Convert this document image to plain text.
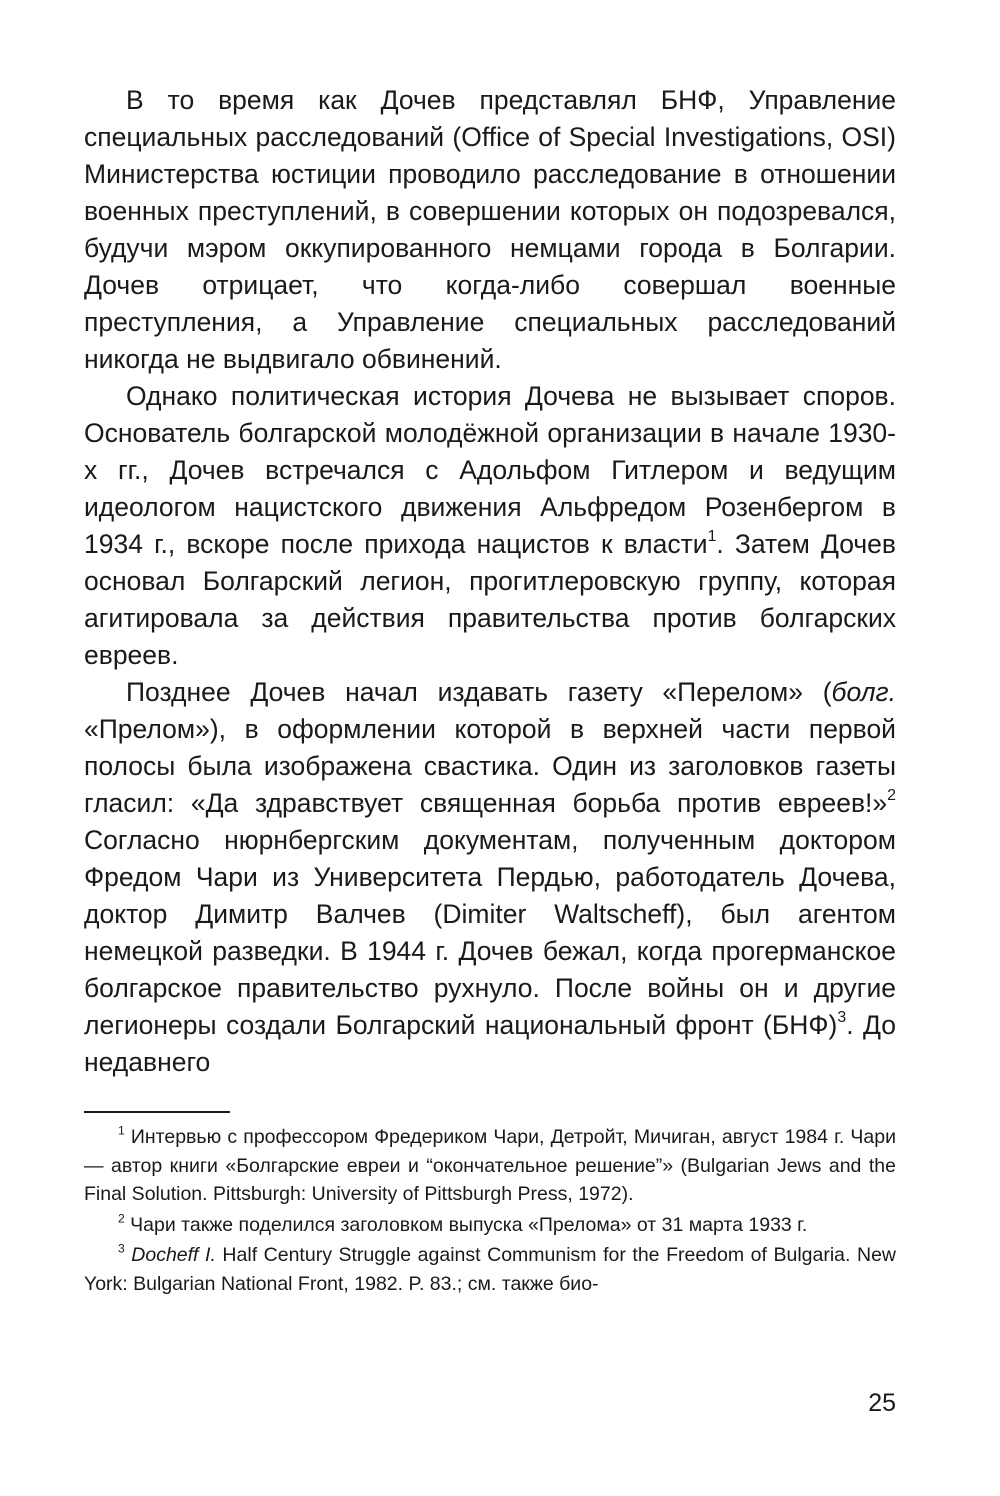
В то время как Дочев представлял БНФ, Управление специальных расследований (Office of Special Investigations, OSI) Министерства юстиции проводило расследование в отношении военных преступлений, в совершении которых он подозревался, будучи мэром оккупированного немцами города в Болгарии. Дочев отрицает, что когда-либо совершал военные преступления, а Управление специальных расследований никогда не выдвигало обвинений.

Однако политическая история Дочева не вызывает споров. Основатель болгарской молодёжной организации в начале 1930-х гг., Дочев встречался с Адольфом Гитлером и ведущим идеологом нацистского движения Альфредом Розенбергом в 1934 г., вскоре после прихода нацистов к власти$^1$. Затем Дочев основал Болгарский легион, прогитлеровскую группу, которая агитировала за действия правительства против болгарских евреев.

Позднее Дочев начал издавать газету «Перелом» (болг. «Прелом»), в оформлении которой в верхней части первой полосы была изображена свастика. Один из заголовков газеты гласил: «Да здравствует священная борьба против евреев!»$^2$ Согласно нюрнбергским документам, полученным доктором Фредом Чари из Университета Пердью, работодатель Дочева, доктор Димитр Валчев (Dimiter Waltscheff), был агентом немецкой разведки. В 1944 г. Дочев бежал, когда прогерманское болгарское правительство рухнуло. После войны он и другие легионеры создали Болгарский национальный фронт (БНФ)$^3$. До недавнего

$^1$ Интервью с профессором Фредериком Чари, Детройт, Мичиган, август 1984 г. Чари — автор книги «Болгарские евреи и “окончательное решение”» (Bulgarian Jews and the Final Solution. Pittsburgh: University of Pittsburgh Press, 1972).

$^2$ Чари также поделился заголовком выпуска «Прелома» от 31 марта 1933 г.

$^3$ Docheff I. Half Century Struggle against Communism for the Freedom of Bulgaria. New York: Bulgarian National Front, 1982. P. 83.; см. также био-

25
